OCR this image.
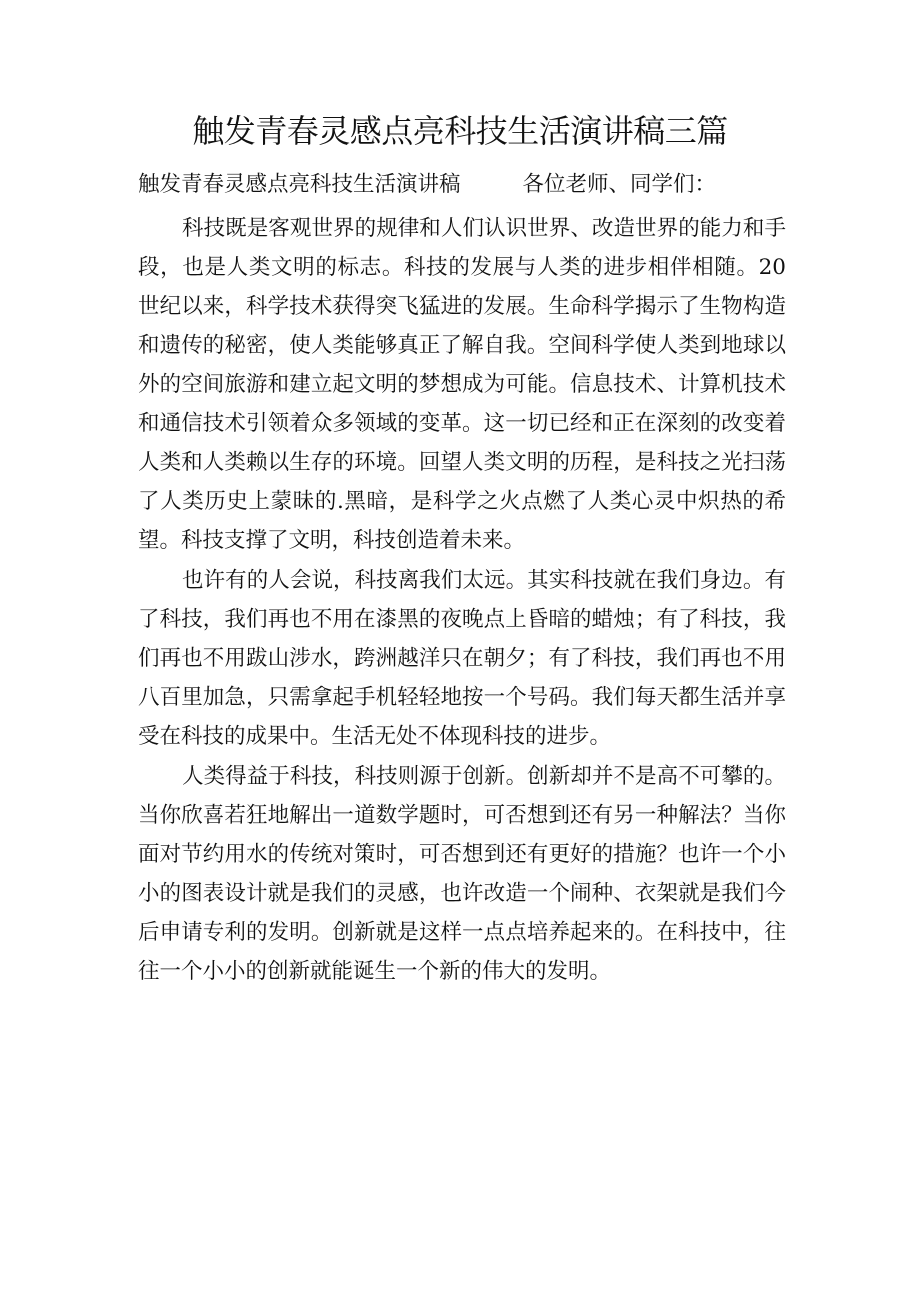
触发青春灵感点亮科技生活演讲稿三篇
触发青春灵感点亮科技生活演讲稿	各位老师、同学们：

科技既是客观世界的规律和人们认识世界、改造世界的能力和手段，也是人类文明的标志。科技的发展与人类的进步相伴相随。20世纪以来，科学技术获得突飞猛进的发展。生命科学揭示了生物构造和遗传的秘密，使人类能够真正了解自我。空间科学使人类到地球以外的空间旅游和建立起文明的梦想成为可能。信息技术、计算机技术和通信技术引领着众多领域的变革。这一切已经和正在深刻的改变着人类和人类赖以生存的环境。回望人类文明的历程，是科技之光扫荡了人类历史上蒙昧的.黑暗，是科学之火点燃了人类心灵中炽热的希望。科技支撑了文明，科技创造着未来。

也许有的人会说，科技离我们太远。其实科技就在我们身边。有了科技，我们再也不用在漆黑的夜晚点上昏暗的蜡烛；有了科技，我们再也不用跋山涉水，跨洲越洋只在朝夕；有了科技，我们再也不用八百里加急，只需拿起手机轻轻地按一个号码。我们每天都生活并享受在科技的成果中。生活无处不体现科技的进步。

人类得益于科技，科技则源于创新。创新却并不是高不可攀的。当你欣喜若狂地解出一道数学题时，可否想到还有另一种解法？当你面对节约用水的传统对策时，可否想到还有更好的措施？也许一个小小的图表设计就是我们的灵感，也许改造一个闹种、衣架就是我们今后申请专利的发明。创新就是这样一点点培养起来的。在科技中，往往一个小小的创新就能诞生一个新的伟大的发明。
